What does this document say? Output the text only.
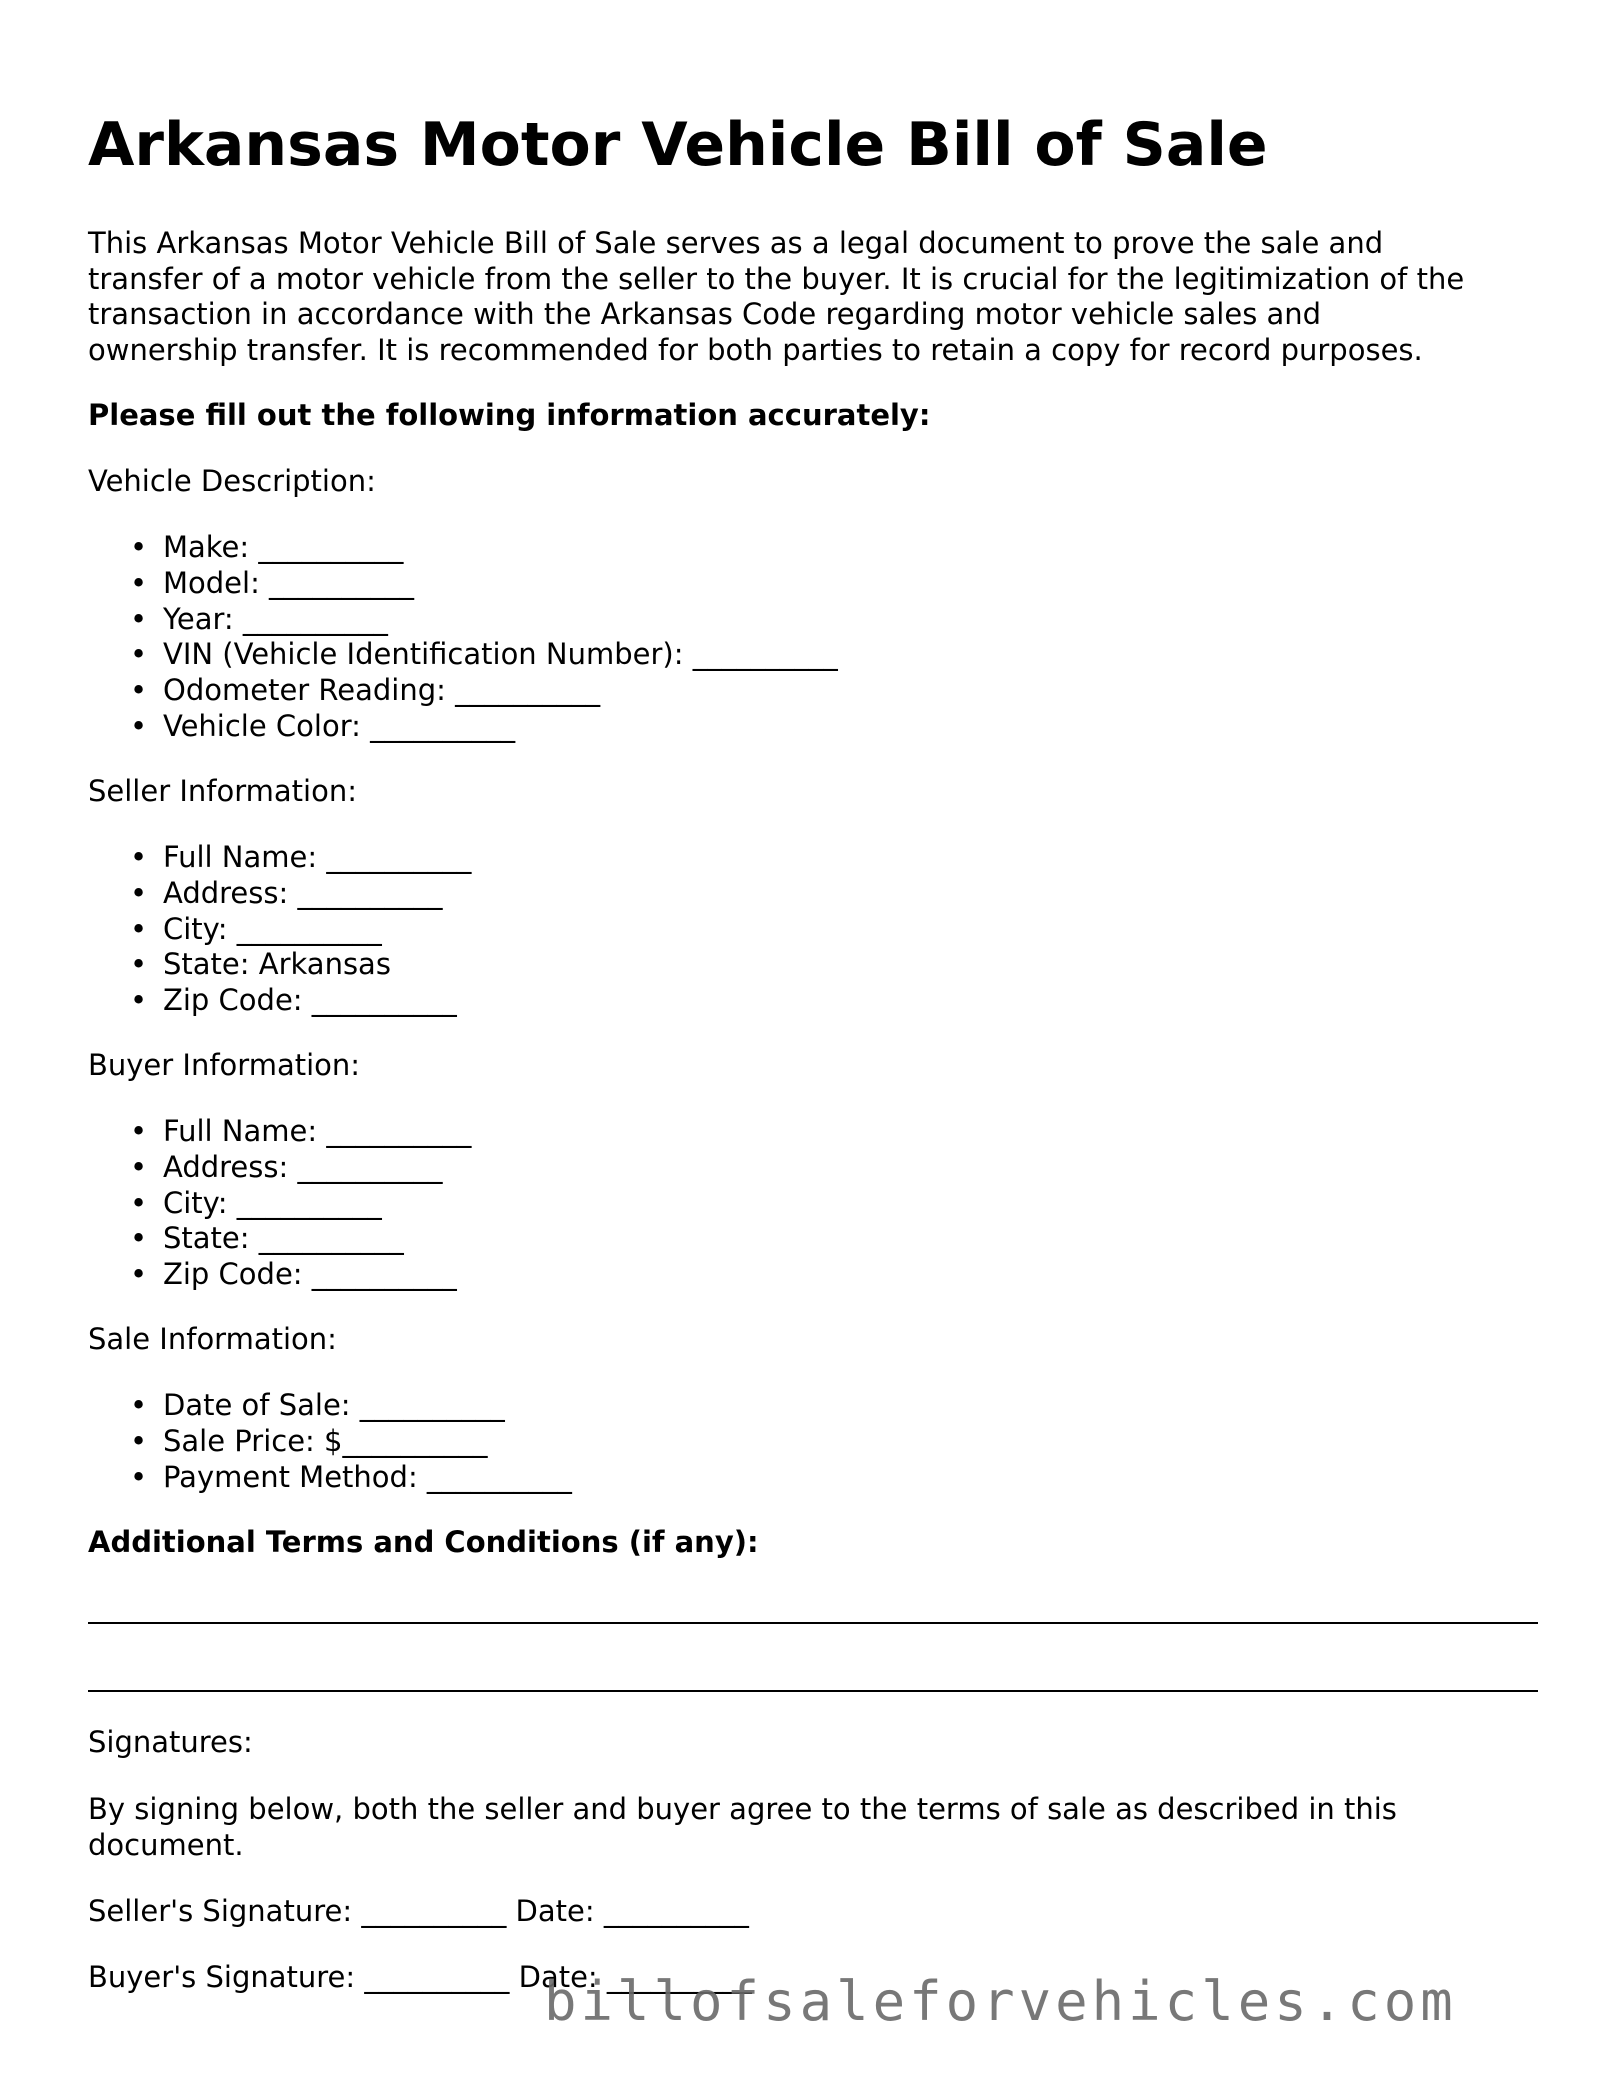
Arkansas Motor Vehicle Bill of Sale

This Arkansas Motor Vehicle Bill of Sale serves as a legal document to prove the sale and
transfer of a motor vehicle from the seller to the buyer. It is crucial for the legitimization of the
transaction in accordance with the Arkansas Code regarding motor vehicle sales and
ownership transfer. It is recommended for both parties to retain a copy for record purposes.

Please fill out the following information accurately:

Vehicle Description:

• Make: __________
• Model: __________
• Year: __________
• VIN (Vehicle Identification Number): __________
• Odometer Reading: __________
• Vehicle Color: __________

Seller Information:

• Full Name: __________
• Address: __________
• City: __________
• State: Arkansas
• Zip Code: __________

Buyer Information:

• Full Name: __________
• Address: __________
• City: __________
• State: __________
• Zip Code: __________

Sale Information:

• Date of Sale: __________
• Sale Price: $__________
• Payment Method: __________

Additional Terms and Conditions (if any):

Signatures:

By signing below, both the seller and buyer agree to the terms of sale as described in this
document.

Seller's Signature: __________ Date: __________

Buyer's Signature: __________ Date: __________

billofsaleforvehicles.com
